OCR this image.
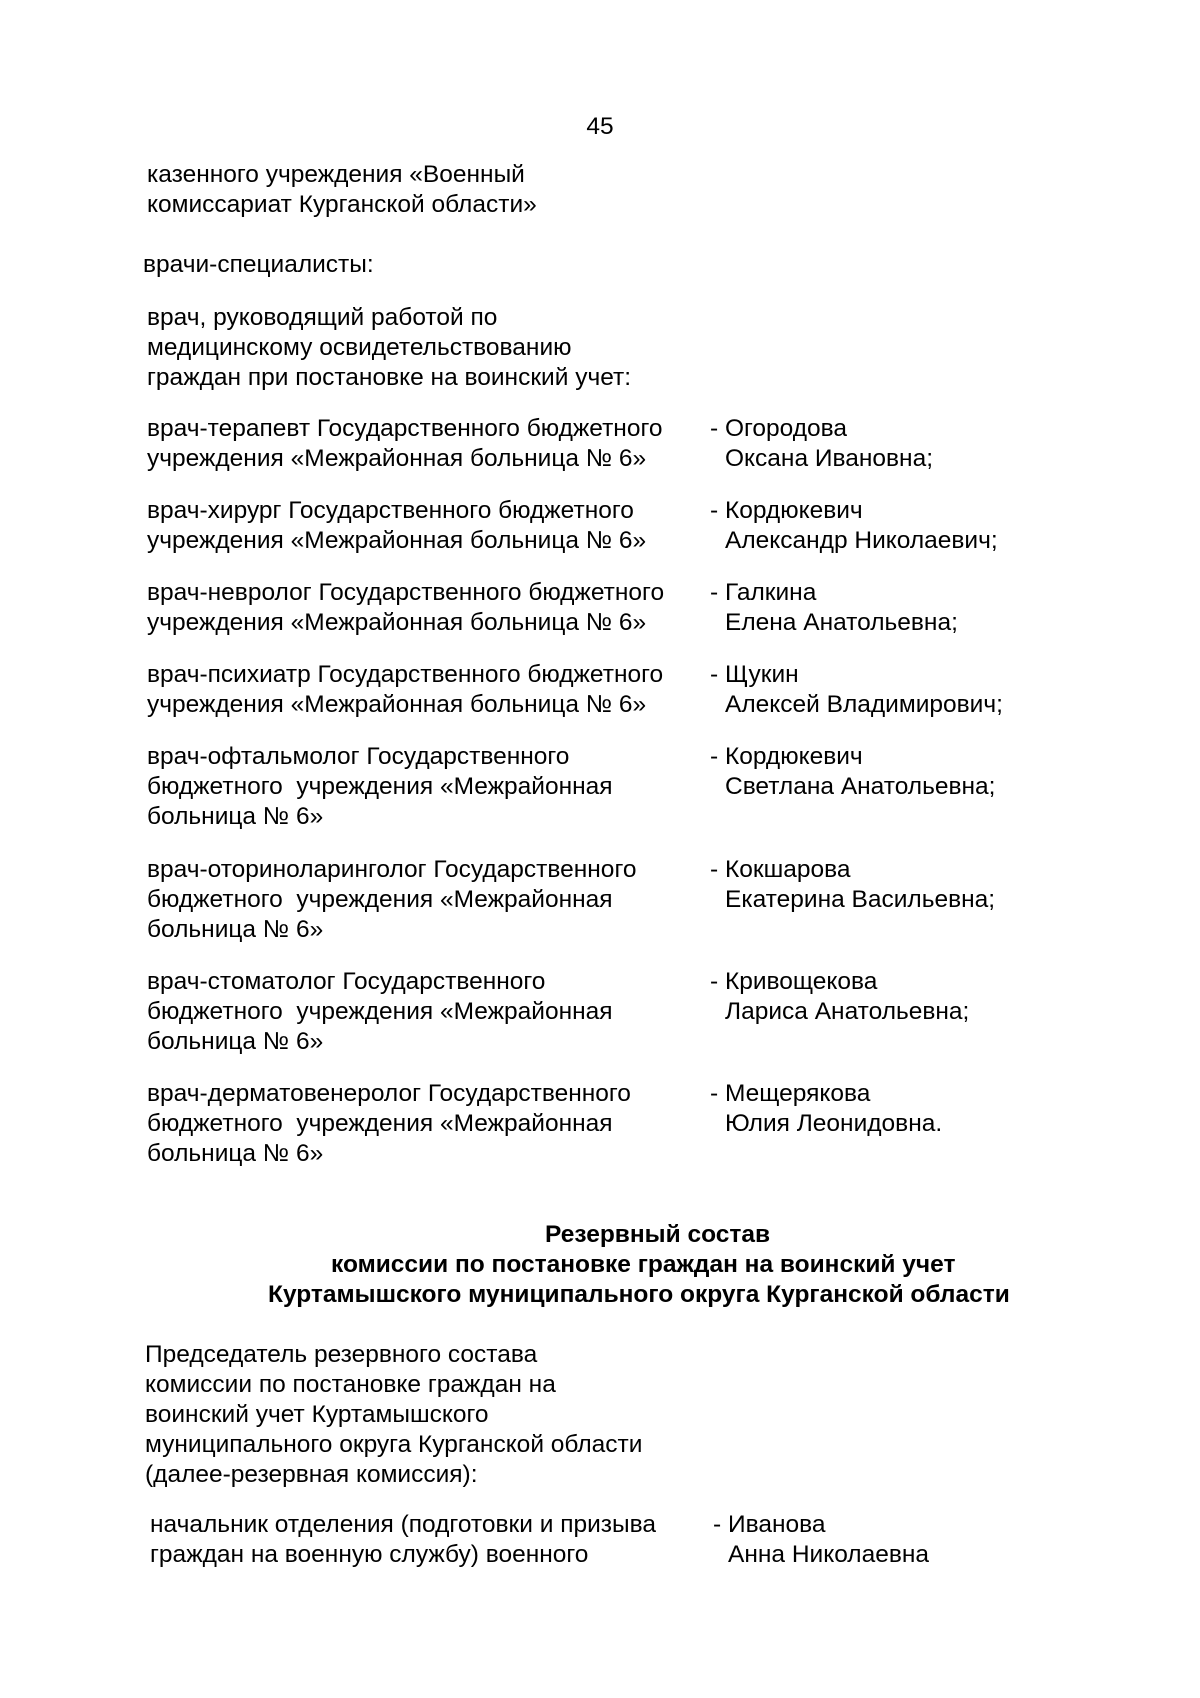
45
казенного учреждения «Военный
комиссариат Курганской области»
врачи-специалисты:
врач, руководящий работой по
медицинскому освидетельствованию
граждан при постановке на воинский учет:
врач-терапевт Государственного бюджетного
учреждения «Межрайонная больница № 6»
- Огородова
Оксана Ивановна;
врач-хирург Государственного бюджетного
учреждения «Межрайонная больница № 6»
- Кордюкевич
Александр Николаевич;
врач-невролог Государственного бюджетного
учреждения «Межрайонная больница № 6»
- Галкина
Елена Анатольевна;
врач-психиатр Государственного бюджетного
учреждения «Межрайонная больница № 6»
- Щукин
Алексей Владимирович;
врач-офтальмолог Государственного
бюджетного  учреждения «Межрайонная
больница № 6»
- Кордюкевич
Светлана Анатольевна;
врач-оториноларинголог Государственного
бюджетного  учреждения «Межрайонная
больница № 6»
- Кокшарова
Екатерина Васильевна;
врач-стоматолог Государственного
бюджетного  учреждения «Межрайонная
больница № 6»
- Кривощекова
Лариса Анатольевна;
врач-дерматовенеролог Государственного
бюджетного  учреждения «Межрайонная
больница № 6»
- Мещерякова
Юлия Леонидовна.
Резервный состав
комиссии по постановке граждан на воинский учет
Куртамышского муниципального округа Курганской области
Председатель резервного состава
комиссии по постановке граждан на
воинский учет Куртамышского
муниципального округа Курганской области
(далее-резервная комиссия):
начальник отделения (подготовки и призыва
граждан на военную службу) военного
- Иванова
Анна Николаевна
